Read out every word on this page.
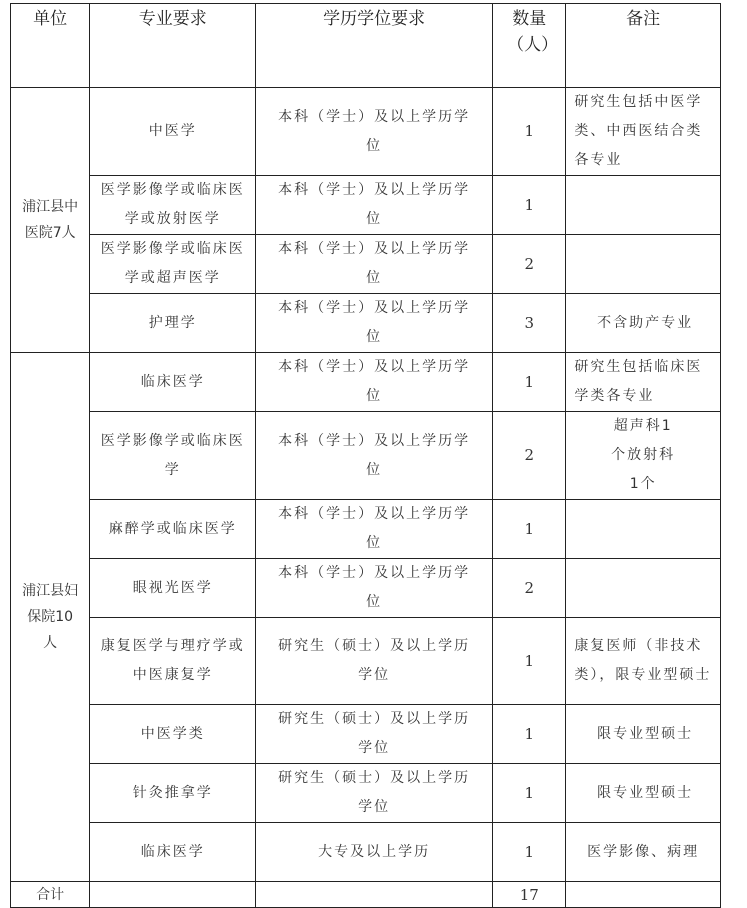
单位	专业要求	学历学位要求	数量（人）	备注
浦江县中医院7人	中医学	本科（学士）及以上学历学位	1	研究生包括中医学类、中西医结合类各专业
	医学影像学或临床医学或放射医学	本科（学士）及以上学历学位	1	
	医学影像学或临床医学或超声医学	本科（学士）及以上学历学位	2	
	护理学	本科（学士）及以上学历学位	3	不含助产专业
浦江县妇保院10人	临床医学	本科（学士）及以上学历学位	1	研究生包括临床医学类各专业
	医学影像学或临床医学	本科（学士）及以上学历学位	2	超声科1个放射科1个
	麻醉学或临床医学	本科（学士）及以上学历学位	1	
	眼视光医学	本科（学士）及以上学历学位	2	
	康复医学与理疗学或中医康复学	研究生（硕士）及以上学历学位	1	康复医师（非技术类），限专业型硕士
	中医学类	研究生（硕士）及以上学历学位	1	限专业型硕士
	针灸推拿学	研究生（硕士）及以上学历学位	1	限专业型硕士
	临床医学	大专及以上学历	1	医学影像、病理
合计			17	
